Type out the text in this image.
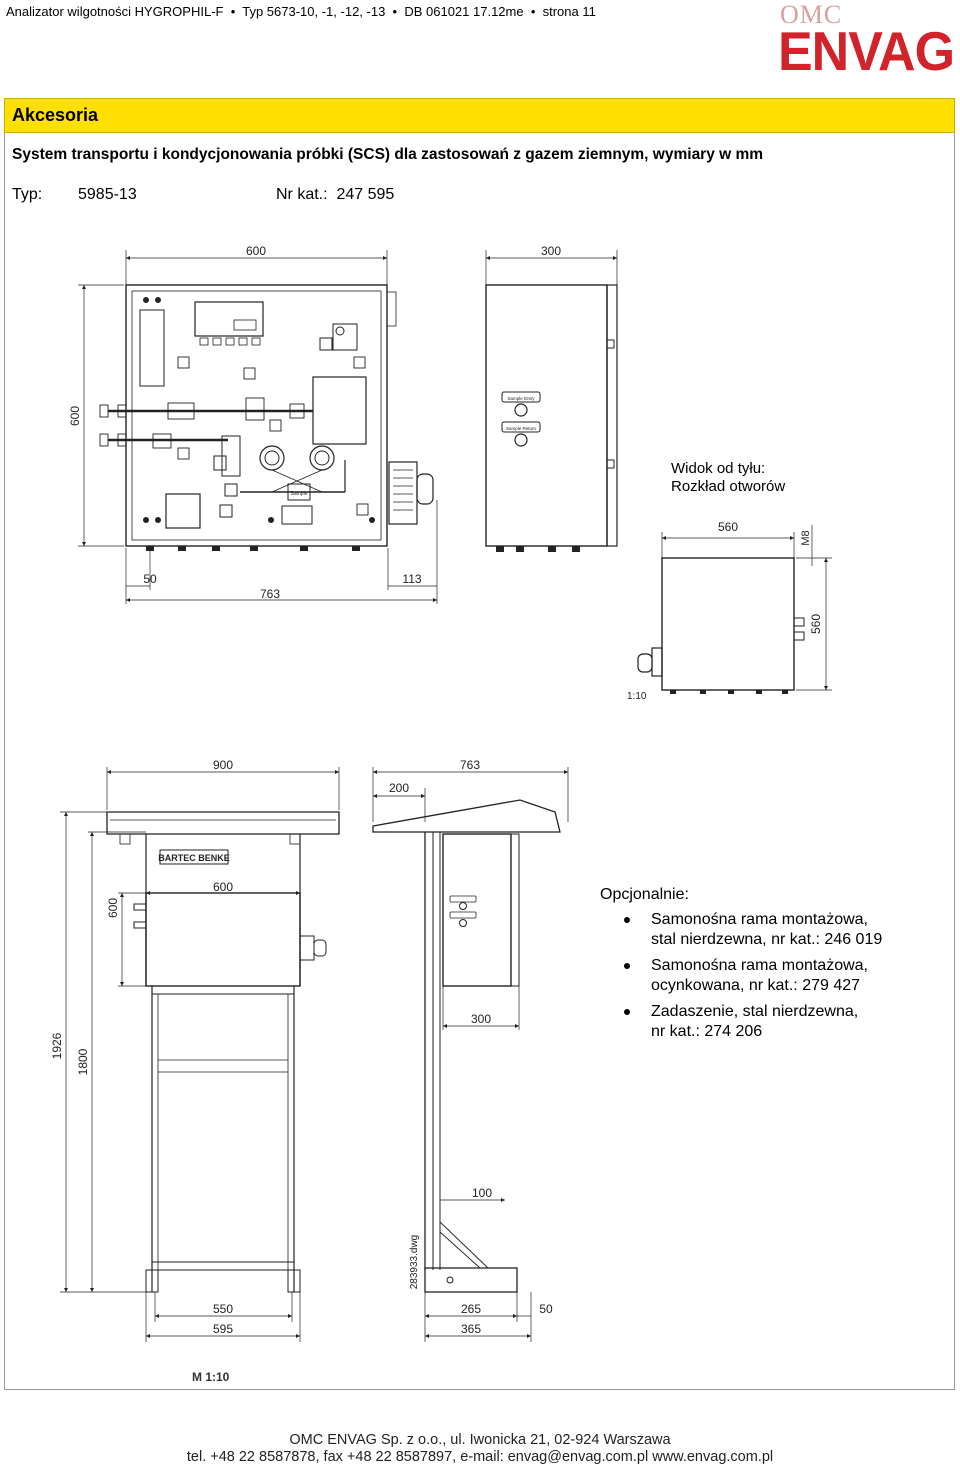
Analizator wilgotności HYGROPHIL-F  •  Typ 5673-10, -1, -12, -13  •  DB 061021 17.12me  •  strona 11	OMC
ENVAG
Akcesoria
System transportu i kondycjonowania próbki (SCS) dla zastosowań z gazem ziemnym, wymiary w mm
Typ: 5985-13	Nr kat.: 247 595
600
600
Sample
50	113
763
300
Sample Entry
Sample Return
560
560
M8
1:10
900
1926
1800
BARTEC BENKE
600
600
550
595
763
200
300
100
283933.dwg
265	50
365
Widok od tyłu:
Rozkład otworów
Opcjonalnie:
Samonośna rama montażowa,
stal nierdzewna, nr kat.: 246 019
Samonośna rama montażowa,
ocynkowana, nr kat.: 279 427
Zadaszenie, stal nierdzewna,
nr kat.: 274 206
M 1:10
OMC ENVAG Sp. z o.o., ul. Iwonicka 21, 02-924 Warszawa
tel. +48 22 8587878, fax +48 22 8587897, e-mail: envag@envag.com.pl www.envag.com.pl
